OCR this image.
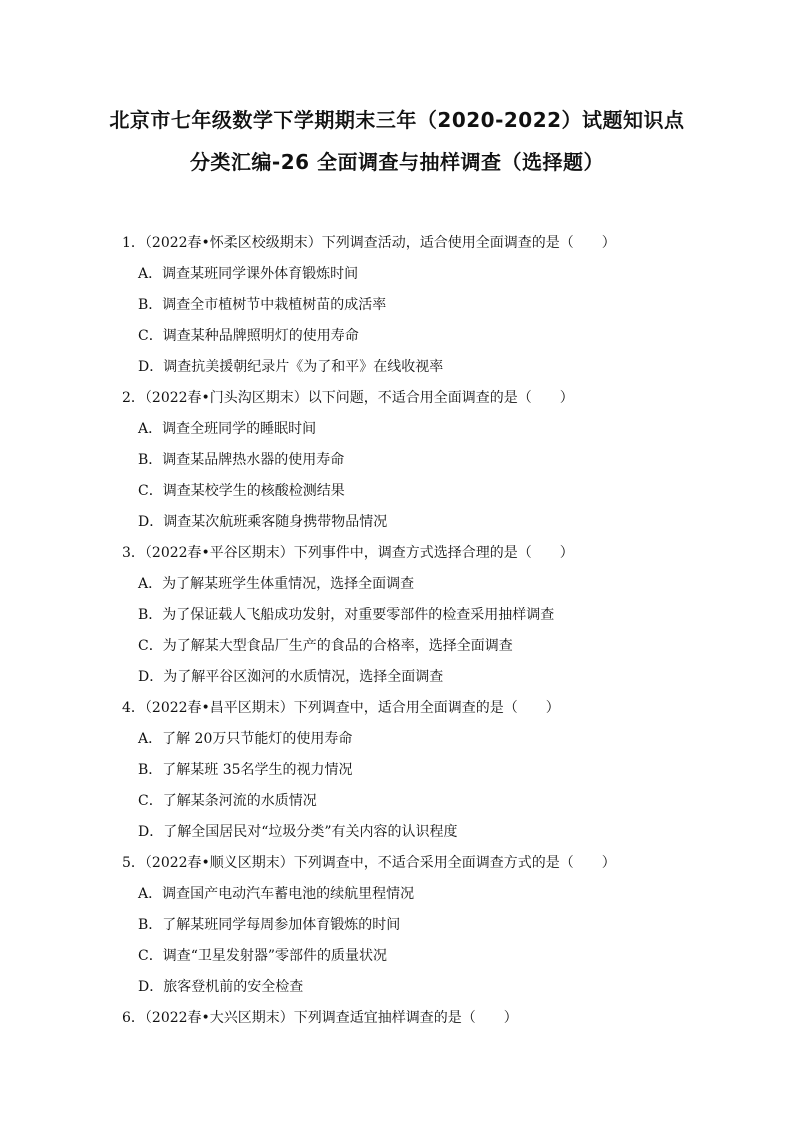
北京市七年级数学下学期期末三年（2020-2022）试题知识点
分类汇编-26 全面调查与抽样调查（选择题）
1．（2022春•怀柔区校级期末）下列调查活动，适合使用全面调查的是（　　）
A．调查某班同学课外体育锻炼时间
B．调查全市植树节中栽植树苗的成活率
C．调查某种品牌照明灯的使用寿命
D．调查抗美援朝纪录片《为了和平》在线收视率
2．（2022春•门头沟区期末）以下问题，不适合用全面调查的是（　　）
A．调查全班同学的睡眠时间
B．调查某品牌热水器的使用寿命
C．调查某校学生的核酸检测结果
D．调查某次航班乘客随身携带物品情况
3．（2022春•平谷区期末）下列事件中，调查方式选择合理的是（　　）
A．为了解某班学生体重情况，选择全面调查
B．为了保证载人飞船成功发射，对重要零部件的检查采用抽样调查
C．为了解某大型食品厂生产的食品的合格率，选择全面调查
D．为了解平谷区洳河的水质情况，选择全面调查
4．（2022春•昌平区期末）下列调查中，适合用全面调查的是（　　）
A．了解 20万只节能灯的使用寿命
B．了解某班 35名学生的视力情况
C．了解某条河流的水质情况
D．了解全国居民对“垃圾分类”有关内容的认识程度
5．（2022春•顺义区期末）下列调查中，不适合采用全面调查方式的是（　　）
A．调查国产电动汽车蓄电池的续航里程情况
B．了解某班同学每周参加体育锻炼的时间
C．调查“卫星发射器”零部件的质量状况
D．旅客登机前的安全检查
6．（2022春•大兴区期末）下列调查适宜抽样调查的是（　　）
